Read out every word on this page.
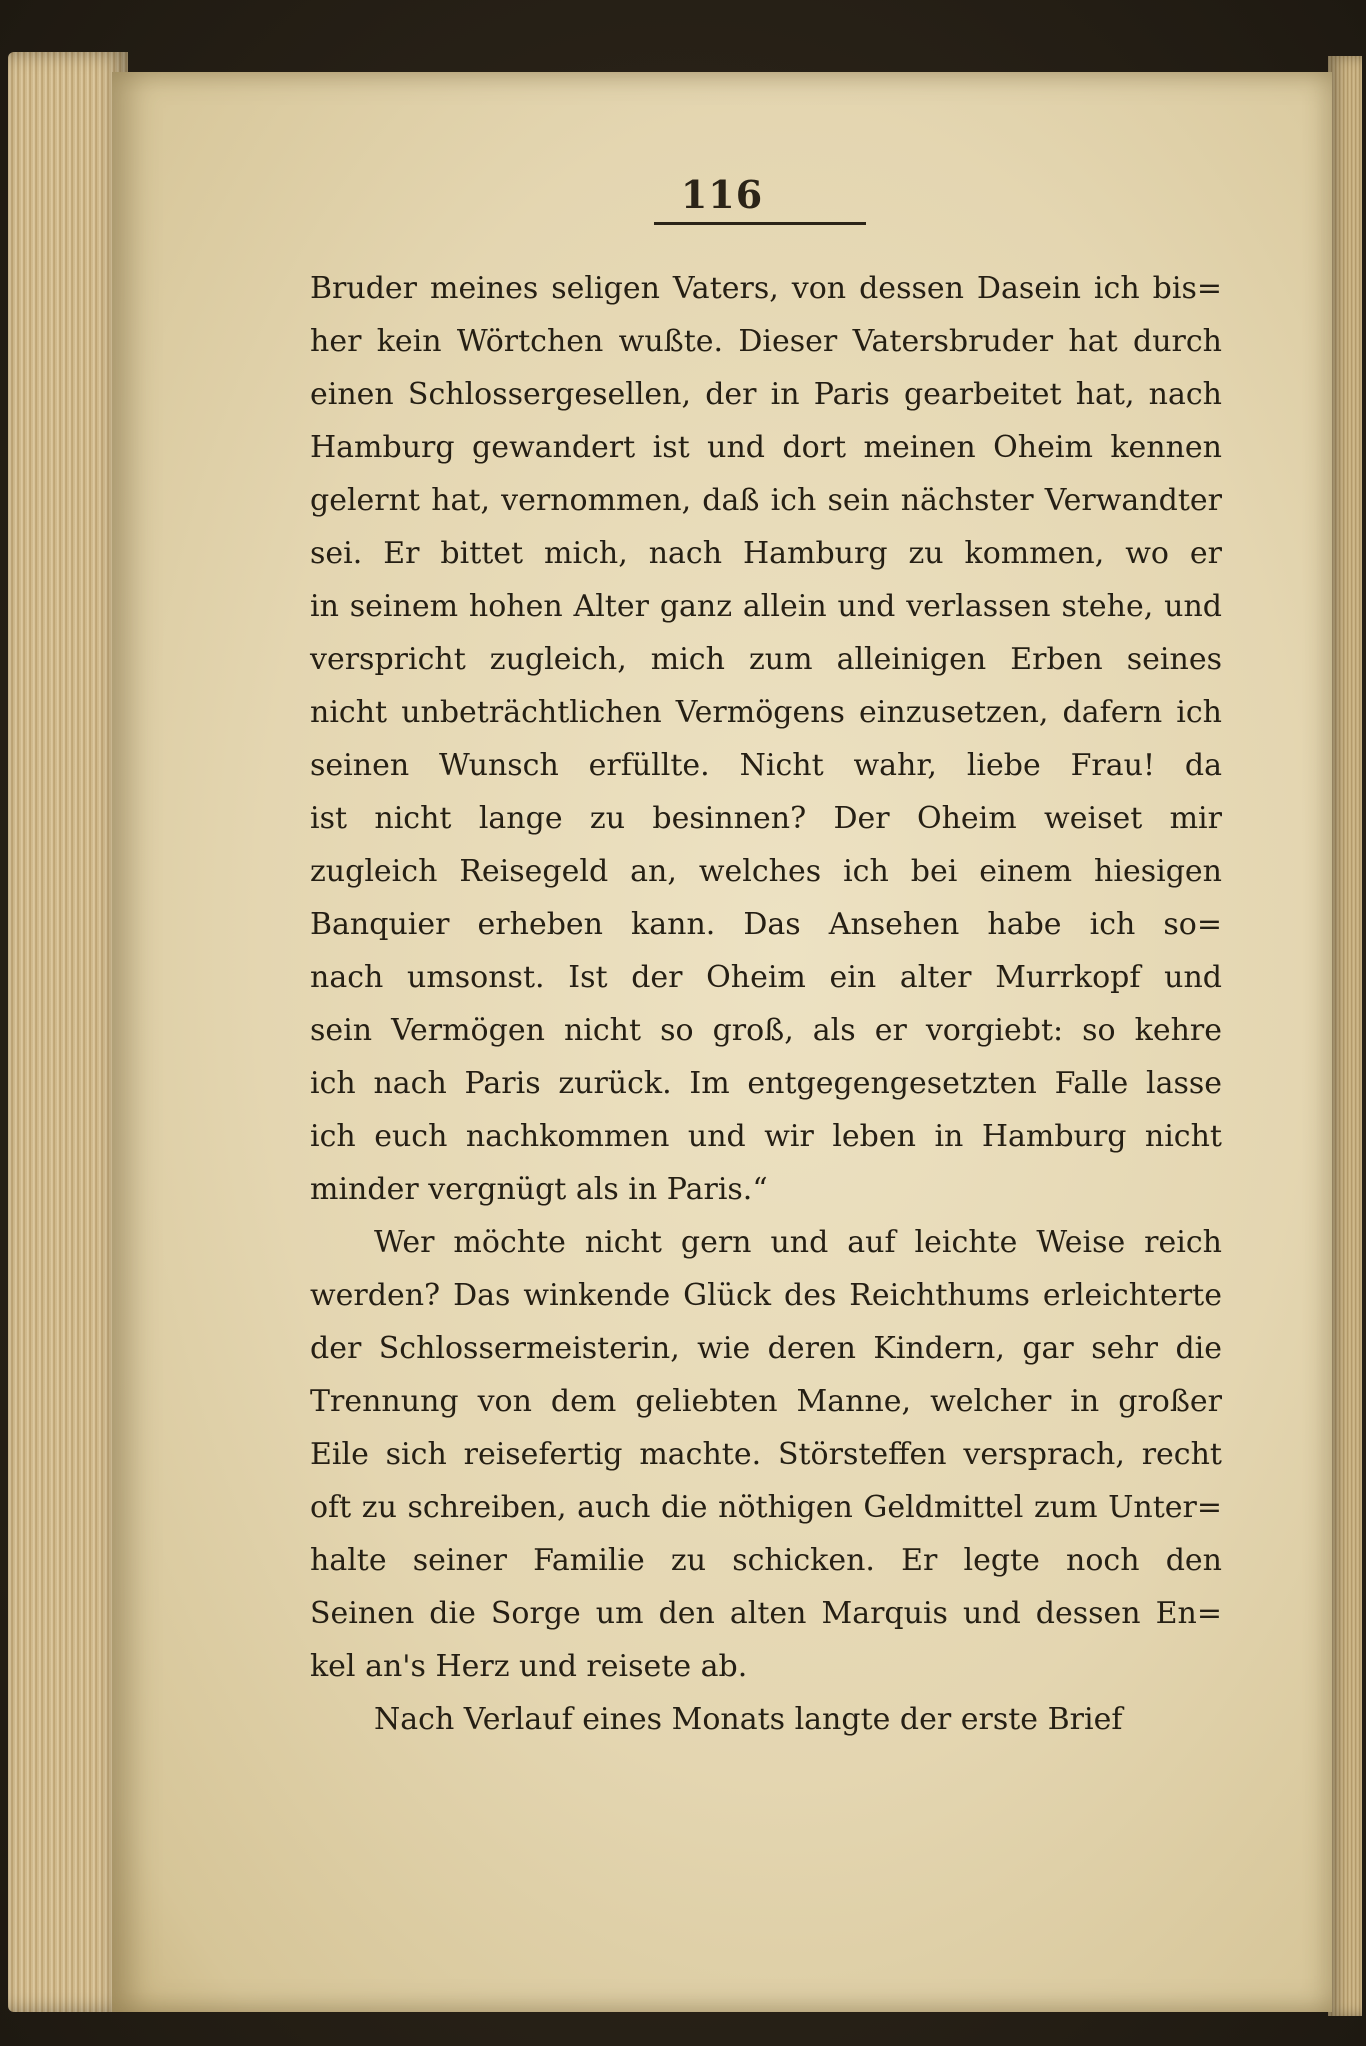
116
Bruder meines seligen Vaters, von dessen Dasein ich bis=
her kein Wörtchen wußte. Dieser Vatersbruder hat durch
einen Schlossergesellen, der in Paris gearbeitet hat, nach
Hamburg gewandert ist und dort meinen Oheim kennen
gelernt hat, vernommen, daß ich sein nächster Verwandter
sei. Er bittet mich, nach Hamburg zu kommen, wo er
in seinem hohen Alter ganz allein und verlassen stehe, und
verspricht zugleich, mich zum alleinigen Erben seines
nicht unbeträchtlichen Vermögens einzusetzen, dafern ich
seinen Wunsch erfüllte. Nicht wahr, liebe Frau! da
ist nicht lange zu besinnen? Der Oheim weiset mir
zugleich Reisegeld an, welches ich bei einem hiesigen
Banquier erheben kann. Das Ansehen habe ich so=
nach umsonst. Ist der Oheim ein alter Murrkopf und
sein Vermögen nicht so groß, als er vorgiebt: so kehre
ich nach Paris zurück. Im entgegengesetzten Falle lasse
ich euch nachkommen und wir leben in Hamburg nicht
minder vergnügt als in Paris.“
Wer möchte nicht gern und auf leichte Weise reich
werden? Das winkende Glück des Reichthums erleichterte
der Schlossermeisterin, wie deren Kindern, gar sehr die
Trennung von dem geliebten Manne, welcher in großer
Eile sich reisefertig machte. Störsteffen versprach, recht
oft zu schreiben, auch die nöthigen Geldmittel zum Unter=
halte seiner Familie zu schicken. Er legte noch den
Seinen die Sorge um den alten Marquis und dessen En=
kel an's Herz und reisete ab.
Nach Verlauf eines Monats langte der erste Brief
